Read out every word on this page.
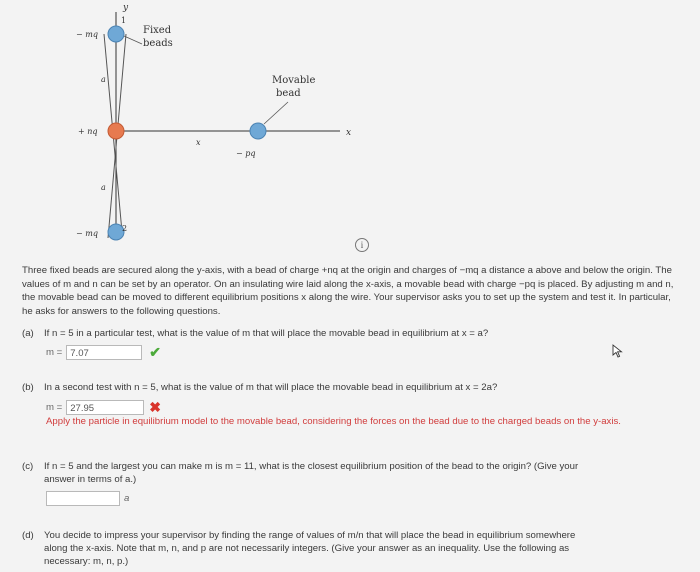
y
x
− mq
1
Fixed
beads
a
+ nq
a
− mq
2
Movable
bead
x
− pq
i
Three fixed beads are secured along the y-axis, with a bead of charge +nq at the origin and charges of −mq a distance a above and below the origin. The values of m and n can be set by an operator. On an insulating wire laid along the x-axis, a movable bead with charge −pq is placed. By adjusting m and n, the movable bead can be moved to different equilibrium positions x along the wire. Your supervisor asks you to set up the system and test it. In particular, he asks for answers to the following questions.
(a) If n = 5 in a particular test, what is the value of m that will place the movable bead in equilibrium at x = a?
m = 7.07	✔
(b) In a second test with n = 5, what is the value of m that will place the movable bead in equilibrium at x = 2a?
m = 27.95	✖
Apply the particle in equilibrium model to the movable bead, considering the forces on the bead due to the charged beads on the y-axis.
(c) If n = 5 and the largest you can make m is m = 11, what is the closest equilibrium position of the bead to the origin? (Give your
answer in terms of a.)
a
(d) You decide to impress your supervisor by finding the range of values of m/n that will place the bead in equilibrium somewhere
along the x-axis. Note that m, n, and p are not necessarily integers. (Give your answer as an inequality. Use the following as
necessary: m, n, p.)
